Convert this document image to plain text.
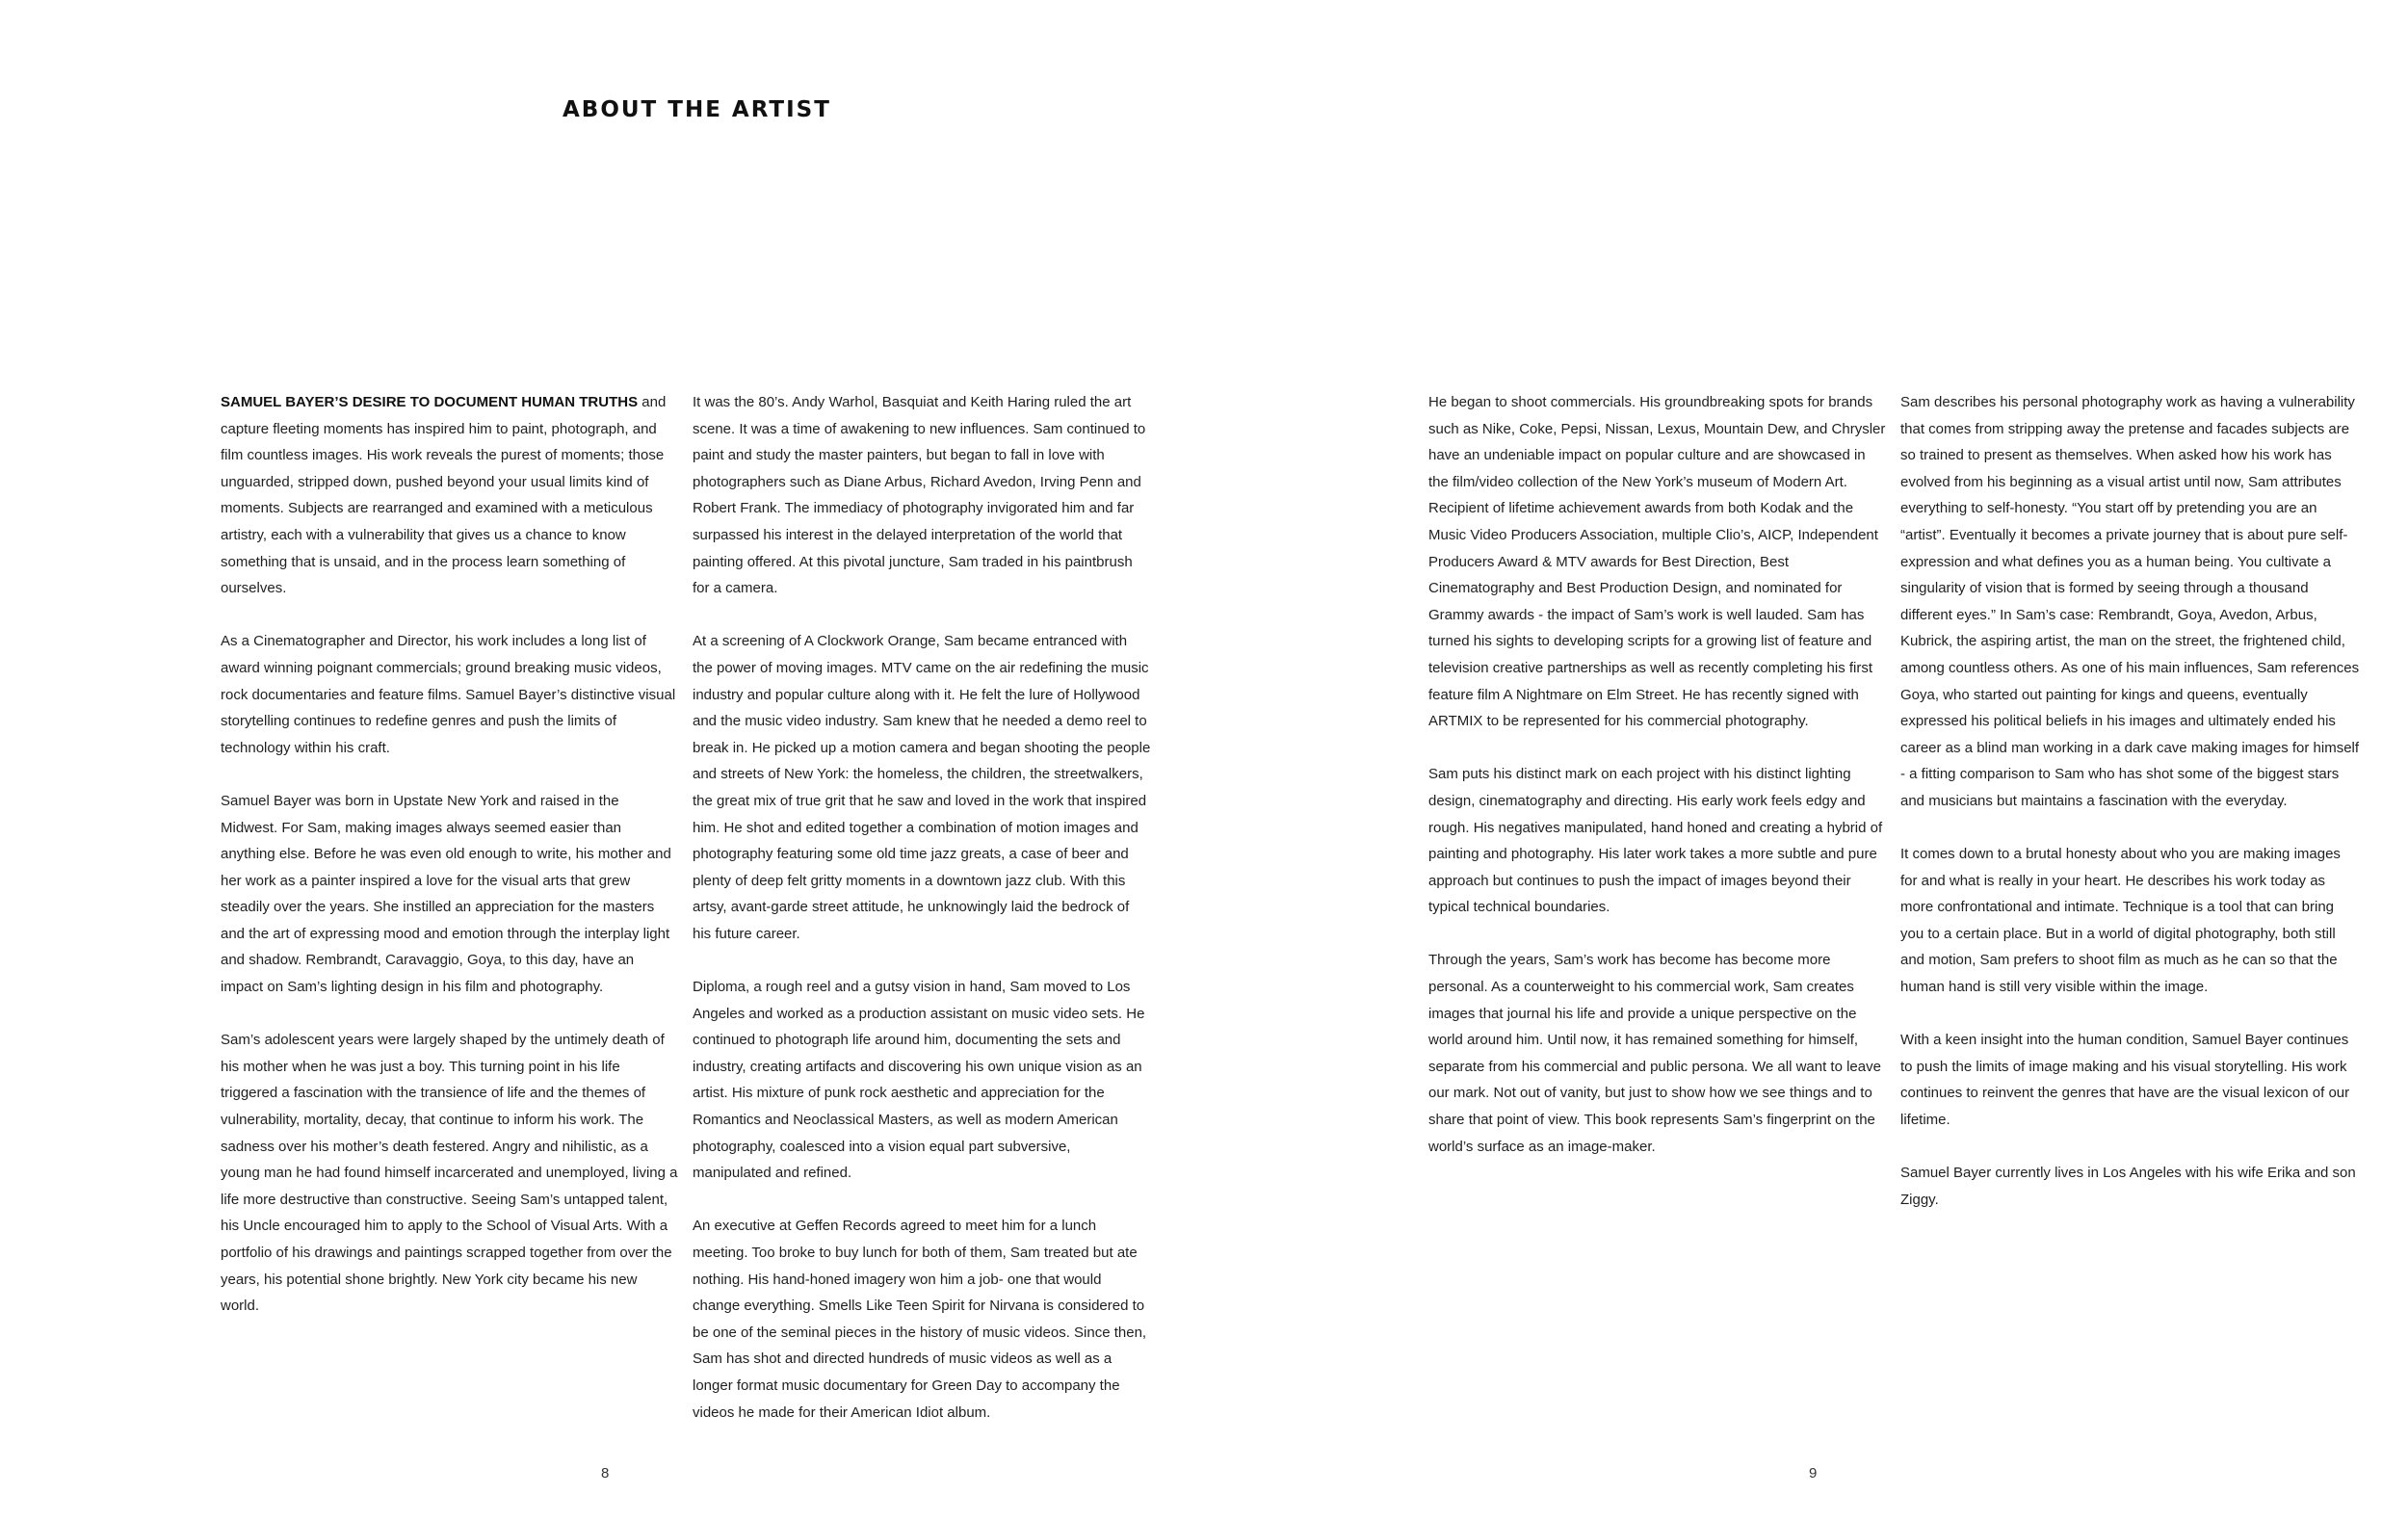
ABOUT THE ARTIST

SAMUEL BAYER’S DESIRE TO DOCUMENT HUMAN TRUTHS and capture fleeting moments has inspired him to paint, photograph, and film countless images. His work reveals the purest of moments; those unguarded, stripped down, pushed beyond your usual limits kind of moments. Subjects are rearranged and examined with a meticulous artistry, each with a vulnerability that gives us a chance to know something that is unsaid, and in the process learn something of ourselves.

As a Cinematographer and Director, his work includes a long list of award winning poignant commercials; ground breaking music videos, rock documentaries and feature films. Samuel Bayer’s distinctive visual storytelling continues to redefine genres and push the limits of technology within his craft.

Samuel Bayer was born in Upstate New York and raised in the Midwest. For Sam, making images always seemed easier than anything else. Before he was even old enough to write, his mother and her work as a painter inspired a love for the visual arts that grew steadily over the years. She instilled an appreciation for the masters and the art of expressing mood and emotion through the interplay light and shadow. Rembrandt, Caravaggio, Goya, to this day, have an impact on Sam’s lighting design in his film and photography.

Sam’s adolescent years were largely shaped by the untimely death of his mother when he was just a boy. This turning point in his life triggered a fascination with the transience of life and the themes of vulnerability, mortality, decay, that continue to inform his work. The sadness over his mother’s death festered. Angry and nihilistic, as a young man he had found himself incarcerated and unemployed, living a life more destructive than constructive. Seeing Sam’s untapped talent, his Uncle encouraged him to apply to the School of Visual Arts. With a portfolio of his drawings and paintings scrapped together from over the years, his potential shone brightly. New York city became his new world.

It was the 80’s. Andy Warhol, Basquiat and Keith Haring ruled the art scene. It was a time of awakening to new influences. Sam continued to paint and study the master painters, but began to fall in love with photographers such as Diane Arbus, Richard Avedon, Irving Penn and Robert Frank. The immediacy of photography invigorated him and far surpassed his interest in the delayed interpretation of the world that painting offered. At this pivotal juncture, Sam traded in his paintbrush for a camera.

At a screening of A Clockwork Orange, Sam became entranced with the power of moving images. MTV came on the air redefining the music industry and popular culture along with it. He felt the lure of Hollywood and the music video industry. Sam knew that he needed a demo reel to break in. He picked up a motion camera and began shooting the people and streets of New York: the homeless, the children, the streetwalkers, the great mix of true grit that he saw and loved in the work that inspired him. He shot and edited together a combination of motion images and photography featuring some old time jazz greats, a case of beer and plenty of deep felt gritty moments in a downtown jazz club. With this artsy, avant-garde street attitude, he unknowingly laid the bedrock of his future career.

Diploma, a rough reel and a gutsy vision in hand, Sam moved to Los Angeles and worked as a production assistant on music video sets. He continued to photograph life around him, documenting the sets and industry, creating artifacts and discovering his own unique vision as an artist. His mixture of punk rock aesthetic and appreciation for the Romantics and Neoclassical Masters, as well as modern American photography, coalesced into a vision equal part subversive, manipulated and refined.

An executive at Geffen Records agreed to meet him for a lunch meeting. Too broke to buy lunch for both of them, Sam treated but ate nothing. His hand-honed imagery won him a job- one that would change everything. Smells Like Teen Spirit for Nirvana is considered to be one of the seminal pieces in the history of music videos. Since then, Sam has shot and directed hundreds of music videos as well as a longer format music documentary for Green Day to accompany the videos he made for their American Idiot album.

8

He began to shoot commercials. His groundbreaking spots for brands such as Nike, Coke, Pepsi, Nissan, Lexus, Mountain Dew, and Chrysler have an undeniable impact on popular culture and are showcased in the film/video collection of the New York’s museum of Modern Art. Recipient of lifetime achievement awards from both Kodak and the Music Video Producers Association, multiple Clio’s, AICP, Independent Producers Award & MTV awards for Best Direction, Best Cinematography and Best Production Design, and nominated for Grammy awards - the impact of Sam’s work is well lauded. Sam has turned his sights to developing scripts for a growing list of feature and television creative partnerships as well as recently completing his first feature film A Nightmare on Elm Street. He has recently signed with ARTMIX to be represented for his commercial photography.

Sam puts his distinct mark on each project with his distinct lighting design, cinematography and directing. His early work feels edgy and rough. His negatives manipulated, hand honed and creating a hybrid of painting and photography. His later work takes a more subtle and pure approach but continues to push the impact of images beyond their typical technical boundaries.

Through the years, Sam’s work has become has become more personal. As a counterweight to his commercial work, Sam creates images that journal his life and provide a unique perspective on the world around him. Until now, it has remained something for himself, separate from his commercial and public persona. We all want to leave our mark. Not out of vanity, but just to show how we see things and to share that point of view. This book represents Sam’s fingerprint on the world’s surface as an image-maker.

Sam describes his personal photography work as having a vulnerability that comes from stripping away the pretense and facades subjects are so trained to present as themselves. When asked how his work has evolved from his beginning as a visual artist until now, Sam attributes everything to self-honesty. “You start off by pretending you are an “artist”. Eventually it becomes a private journey that is about pure self-expression and what defines you as a human being. You cultivate a singularity of vision that is formed by seeing through a thousand different eyes.” In Sam’s case: Rembrandt, Goya, Avedon, Arbus, Kubrick, the aspiring artist, the man on the street, the frightened child, among countless others. As one of his main influences, Sam references Goya, who started out painting for kings and queens, eventually expressed his political beliefs in his images and ultimately ended his career as a blind man working in a dark cave making images for himself - a fitting comparison to Sam who has shot some of the biggest stars and musicians but maintains a fascination with the everyday.

It comes down to a brutal honesty about who you are making images for and what is really in your heart. He describes his work today as more confrontational and intimate. Technique is a tool that can bring you to a certain place. But in a world of digital photography, both still and motion, Sam prefers to shoot film as much as he can so that the human hand is still very visible within the image.

With a keen insight into the human condition, Samuel Bayer continues to push the limits of image making and his visual storytelling. His work continues to reinvent the genres that have are the visual lexicon of our lifetime.

Samuel Bayer currently lives in Los Angeles with his wife Erika and son Ziggy.

9
